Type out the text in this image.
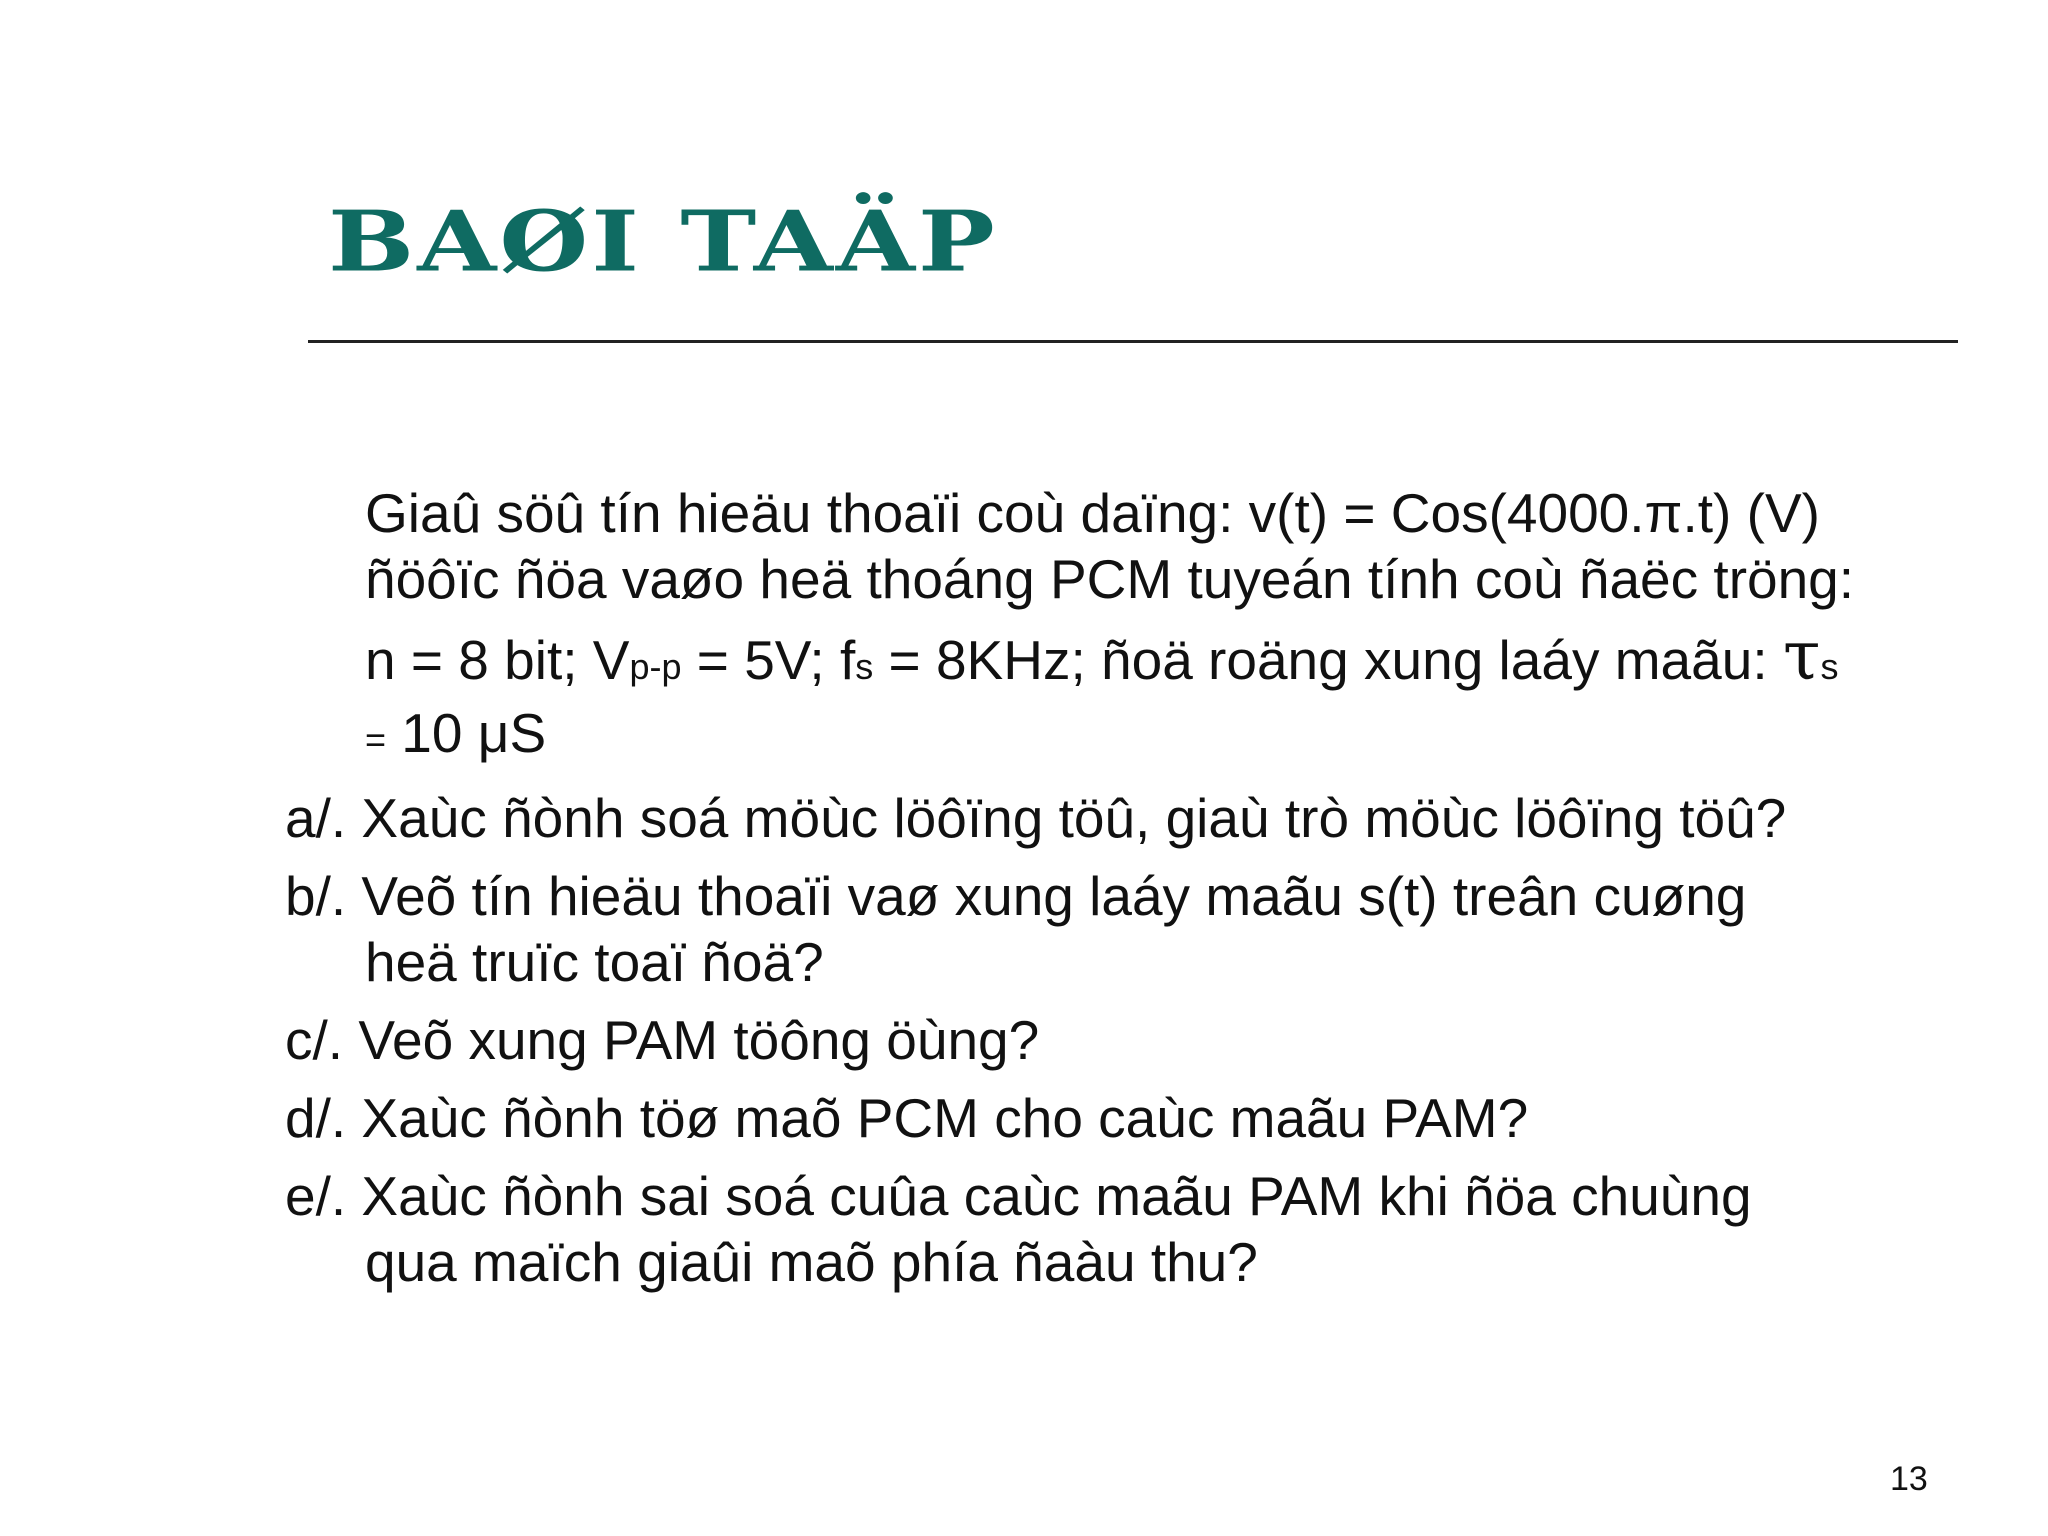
BAØI TAÄP

Giaû söû tín hieäu thoaïi coù daïng: v(t) = Cos(4000.π.t) (V)
ñöôïc ñöa vaøo heä thoáng PCM tuyeán tính coù ñaëc tröng:

n = 8 bit; Vp-p = 5V; fs = 8KHz; ñoä roäng xung laáy maãu: τs
= 10 μS

a/. Xaùc ñònh soá möùc löôïng töû, giaù trò möùc löôïng töû?

b/. Veõ tín hieäu thoaïi vaø xung laáy maãu s(t) treân cuøng
heä truïc toaï ñoä?

c/. Veõ xung PAM töông öùng?

d/. Xaùc ñònh töø maõ PCM cho caùc maãu PAM?

e/. Xaùc ñònh sai soá cuûa caùc maãu PAM khi ñöa chuùng
qua maïch giaûi maõ phía ñaàu thu?

13
